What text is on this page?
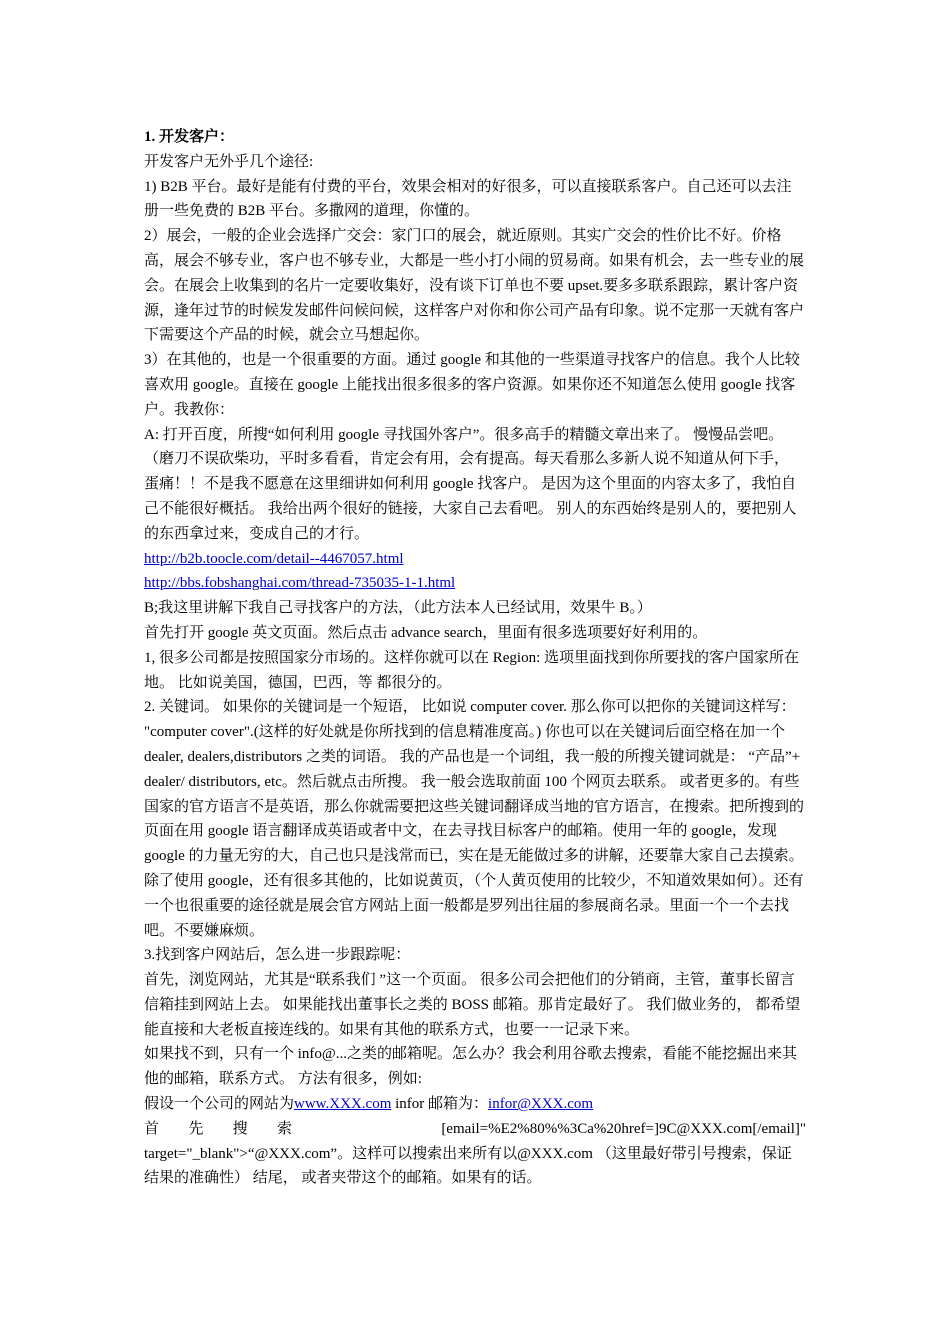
1. 开发客户：

开发客户无外乎几个途径:

1) B2B 平台。最好是能有付费的平台，效果会相对的好很多，可以直接联系客户。自己还可以去注册一些免费的 B2B 平台。多撒网的道理，你懂的。

2）展会，一般的企业会选择广交会：家门口的展会，就近原则。其实广交会的性价比不好。价格高，展会不够专业，客户也不够专业，大都是一些小打小闹的贸易商。如果有机会，去一些专业的展会。在展会上收集到的名片一定要收集好，没有谈下订单也不要 upset.要多多联系跟踪，累计客户资源，逢年过节的时候发发邮件问候问候，这样客户对你和你公司产品有印象。说不定那一天就有客户下需要这个产品的时候，就会立马想起你。

3）在其他的，也是一个很重要的方面。通过 google 和其他的一些渠道寻找客户的信息。我个人比较喜欢用 google。直接在 google 上能找出很多很多的客户资源。如果你还不知道怎么使用 google 找客户。我教你：

A: 打开百度，所搜“如何利用 google 寻找国外客户”。很多高手的精髓文章出来了。 慢慢品尝吧。 （磨刀不误砍柴功，平时多看看，肯定会有用，会有提高。每天看那么多新人说不知道从何下手， 蛋痛！！不是我不愿意在这里细讲如何利用 google 找客户。 是因为这个里面的内容太多了，我怕自己不能很好概括。 我给出两个很好的链接，大家自己去看吧。 别人的东西始终是别人的，要把别人的东西拿过来，变成自己的才行。

http://b2b.toocle.com/detail--4467057.html

http://bbs.fobshanghai.com/thread-735035-1-1.html

B;我这里讲解下我自己寻找客户的方法，（此方法本人已经试用，效果牛 B。）

首先打开 google 英文页面。然后点击 advance search，里面有很多选项要好好利用的。

1, 很多公司都是按照国家分市场的。这样你就可以在 Region: 选项里面找到你所要找的客户国家所在地。 比如说美国，德国，巴西，等 都很分的。

2. 关键词。 如果你的关键词是一个短语， 比如说 computer cover. 那么你可以把你的关键词这样写： "computer cover".(这样的好处就是你所找到的信息精准度高。) 你也可以在关键词后面空格在加一个 dealer, dealers,distributors 之类的词语。 我的产品也是一个词组，我一般的所搜关键词就是： “产品”+ dealer/ distributors, etc。然后就点击所搜。 我一般会选取前面 100 个网页去联系。 或者更多的。有些国家的官方语言不是英语，那么你就需要把这些关键词翻译成当地的官方语言，在搜索。把所搜到的页面在用 google 语言翻译成英语或者中文，在去寻找目标客户的邮箱。使用一年的 google，发现 google 的力量无穷的大，自己也只是浅常而已，实在是无能做过多的讲解，还要靠大家自己去摸索。

除了使用 google，还有很多其他的，比如说黄页，（个人黄页使用的比较少，不知道效果如何）。还有一个也很重要的途径就是展会官方网站上面一般都是罗列出往届的参展商名录。里面一个一个去找吧。不要嫌麻烦。

3.找到客户网站后，怎么进一步跟踪呢：

首先，浏览网站，尤其是“联系我们 ”这一个页面。 很多公司会把他们的分销商，主管，董事长留言信箱挂到网站上去。 如果能找出董事长之类的 BOSS 邮箱。那肯定最好了。 我们做业务的， 都希望能直接和大老板直接连线的。如果有其他的联系方式，也要一一记录下来。

如果找不到，只有一个 info@...之类的邮箱呢。怎么办？我会利用谷歌去搜索，看能不能挖掘出来其他的邮箱，联系方式。 方法有很多，例如:

假设一个公司的网站为www.XXX.com infor 邮箱为：infor@XXX.com

首 先 搜 索	[email=%E2%80%%3Ca%20href=]9C@XXX.com[/email]"

target="_blank">“@XXX.com”。这样可以搜索出来所有以@XXX.com （这里最好带引号搜索，保证结果的准确性） 结尾， 或者夹带这个的邮箱。如果有的话。
